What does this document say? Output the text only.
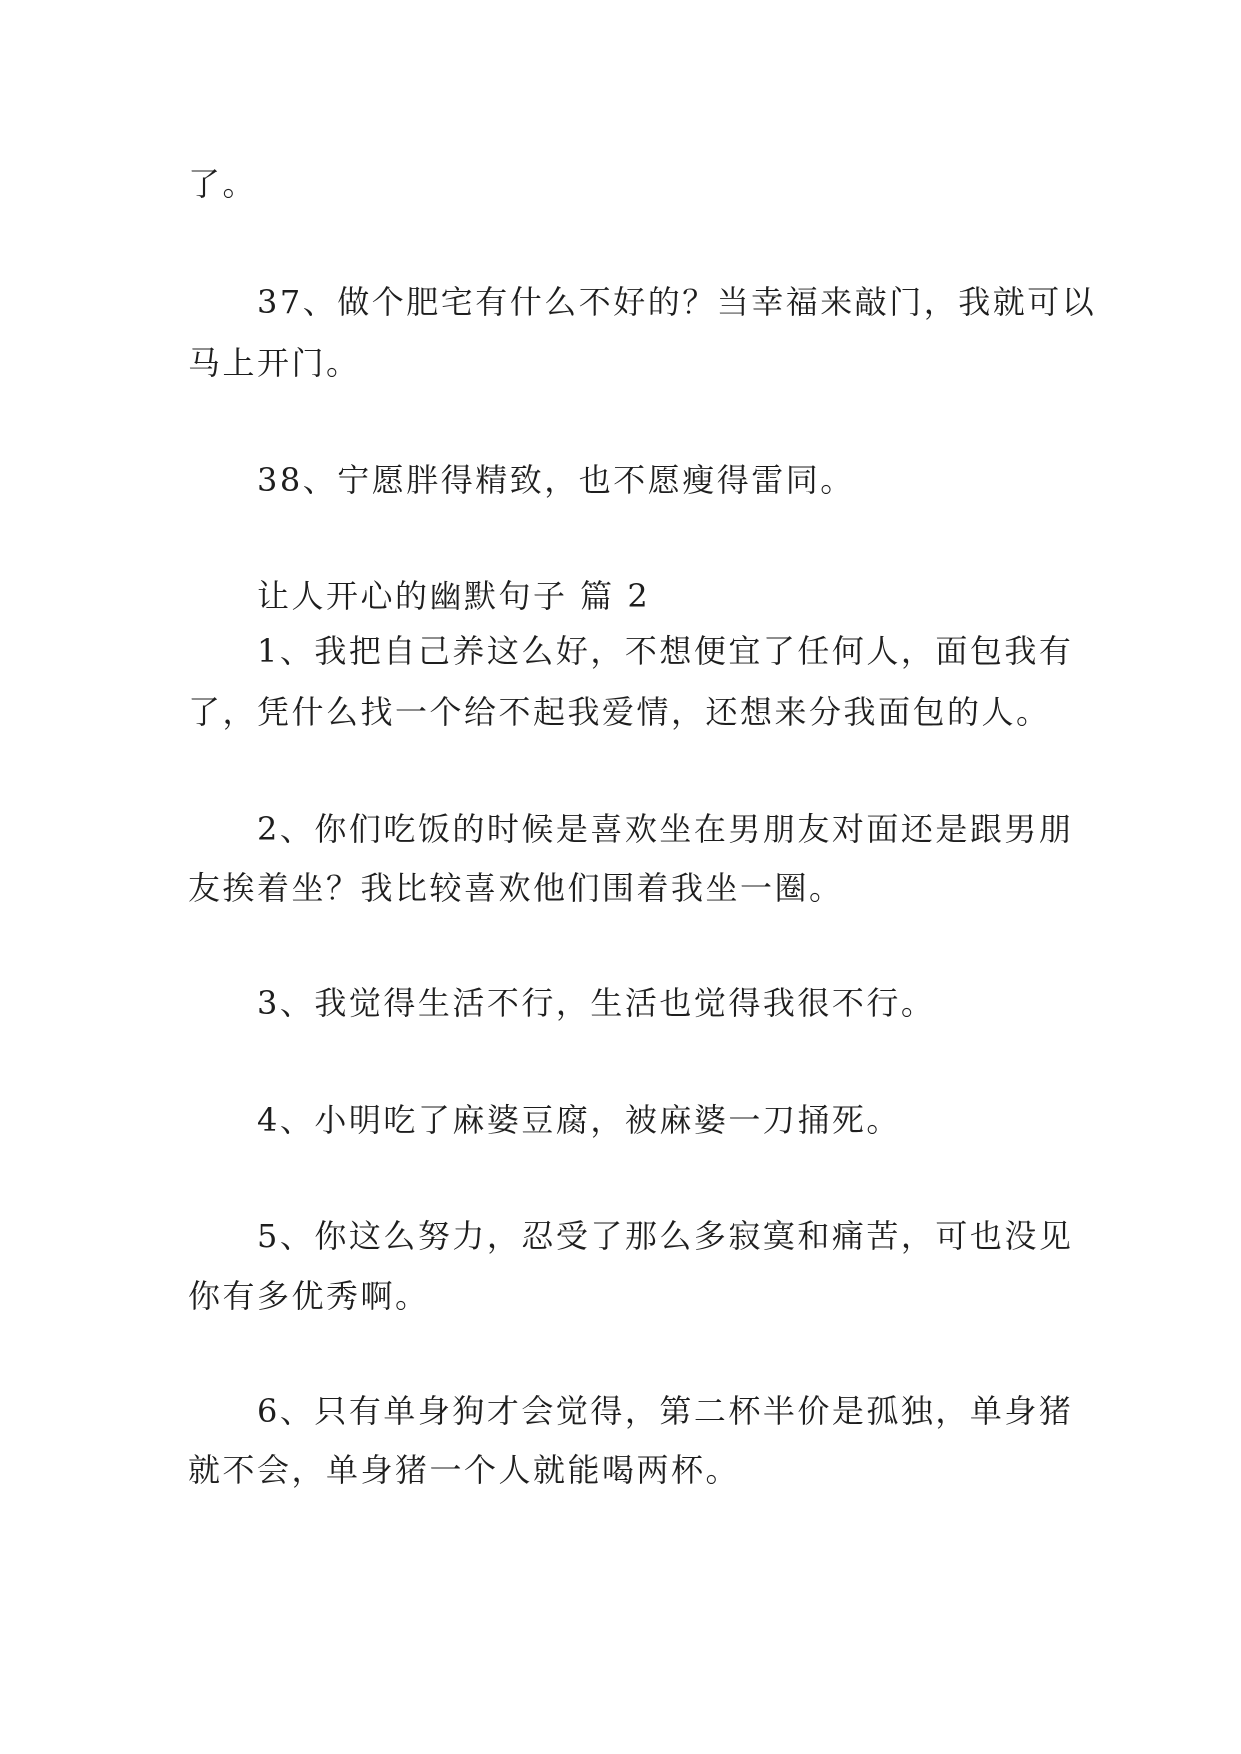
了。

37、做个肥宅有什么不好的？当幸福来敲门，我就可以

马上开门。

38、宁愿胖得精致，也不愿瘦得雷同。

让人开心的幽默句子 篇 2

1、我把自己养这么好，不想便宜了任何人，面包我有

了，凭什么找一个给不起我爱情，还想来分我面包的人。

2、你们吃饭的时候是喜欢坐在男朋友对面还是跟男朋

友挨着坐？我比较喜欢他们围着我坐一圈。

3、我觉得生活不行，生活也觉得我很不行。

4、小明吃了麻婆豆腐，被麻婆一刀捅死。

5、你这么努力，忍受了那么多寂寞和痛苦，可也没见

你有多优秀啊。

6、只有单身狗才会觉得，第二杯半价是孤独，单身猪

就不会，单身猪一个人就能喝两杯。
